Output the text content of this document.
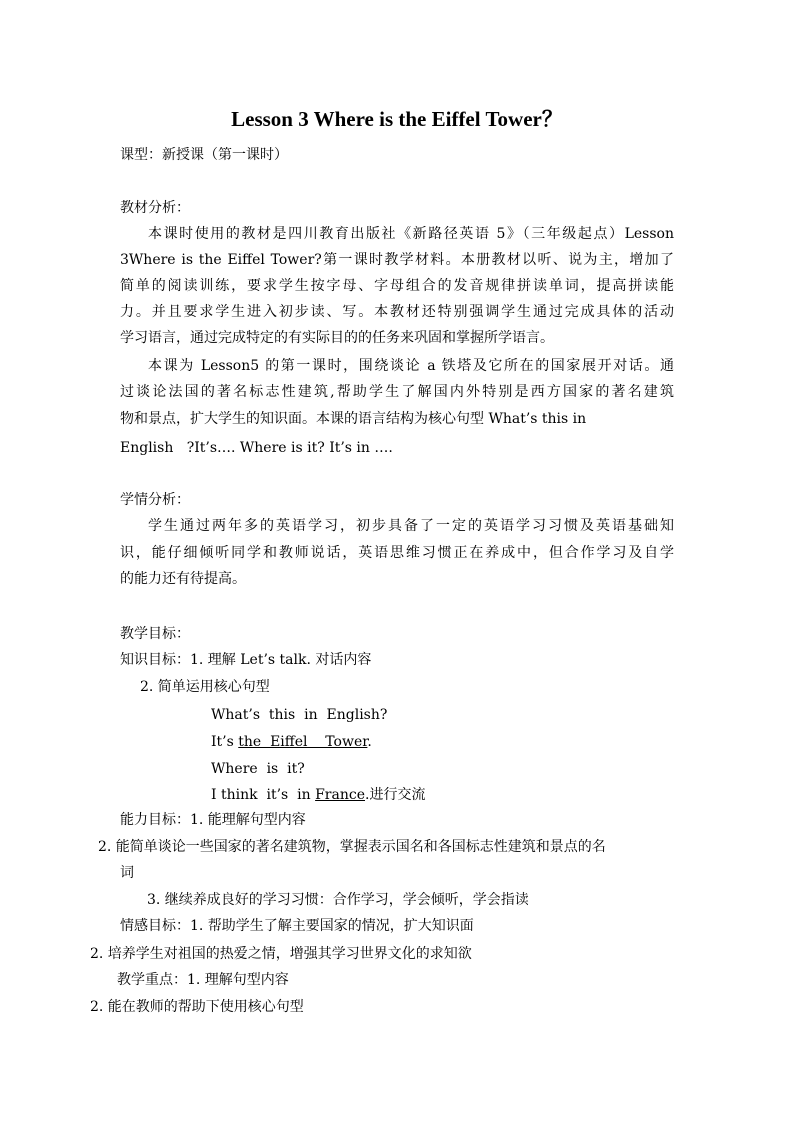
Lesson 3 Where is the Eiffel Tower？
课型：新授课（第一课时）
教材分析：
本课时使用的教材是四川教育出版社《新路径英语 5》（三年级起点）Lesson
3Where is the Eiffel Tower?第一课时教学材料。本册教材以听、说为主，增加了
简单的阅读训练，要求学生按字母、字母组合的发音规律拼读单词，提高拼读能
力。并且要求学生进入初步读、写。本教材还特别强调学生通过完成具体的活动
学习语言，通过完成特定的有实际目的的任务来巩固和掌握所学语言。
本课为 Lesson5 的第一课时，围绕谈论 a 铁塔及它所在的国家展开对话。通
过谈论法国的著名标志性建筑,帮助学生了解国内外特别是西方国家的著名建筑
物和景点，扩大学生的知识面。本课的语言结构为核心句型 What’s this in
English   ?It’s…. Where is it? It’s in ….
学情分析：
学生通过两年多的英语学习，初步具备了一定的英语学习习惯及英语基础知
识，能仔细倾听同学和教师说话，英语思维习惯正在养成中，但合作学习及自学
的能力还有待提高。
教学目标：
知识目标：1. 理解 Let’s talk. 对话内容
2. 简单运用核心句型
What’s  this  in  English?
It’s the  Eiffel    Tower.
Where  is  it?
I think  it’s  in France.进行交流
能力目标：1. 能理解句型内容
2. 能简单谈论一些国家的著名建筑物，掌握表示国名和各国标志性建筑和景点的名
词
3. 继续养成良好的学习习惯：合作学习，学会倾听，学会指读
情感目标：1. 帮助学生了解主要国家的情况，扩大知识面
2. 培养学生对祖国的热爱之情，增强其学习世界文化的求知欲
教学重点：1. 理解句型内容
2. 能在教师的帮助下使用核心句型
